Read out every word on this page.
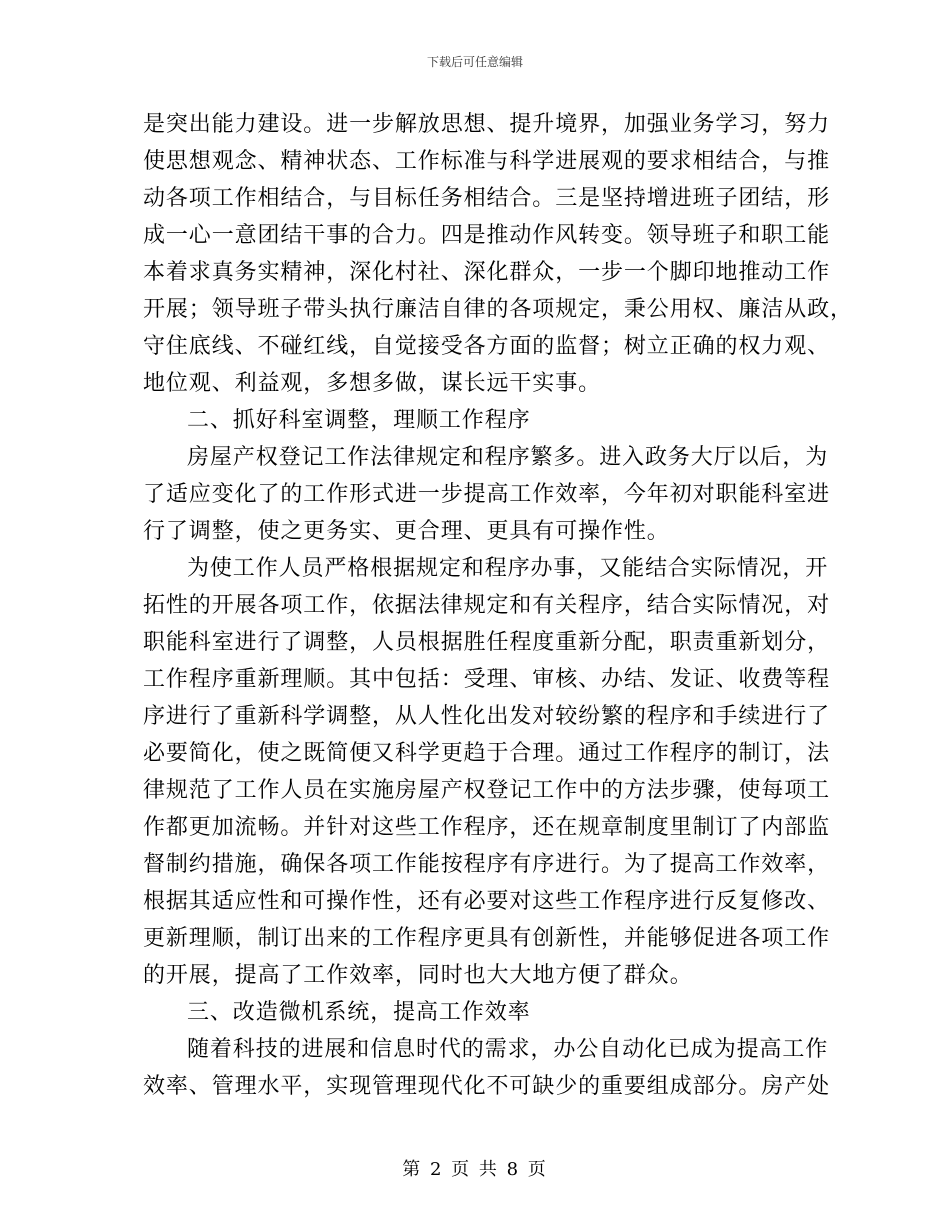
下载后可任意编辑
是突出能力建设。进一步解放思想、提升境界，加强业务学习，努力
使思想观念、精神状态、工作标准与科学进展观的要求相结合，与推
动各项工作相结合，与目标任务相结合。三是坚持增进班子团结，形
成一心一意团结干事的合力。四是推动作风转变。领导班子和职工能
本着求真务实精神，深化村社、深化群众，一步一个脚印地推动工作
开展；领导班子带头执行廉洁自律的各项规定，秉公用权、廉洁从政，
守住底线、不碰红线，自觉接受各方面的监督；树立正确的权力观、
地位观、利益观，多想多做，谋长远干实事。
二、抓好科室调整，理顺工作程序
房屋产权登记工作法律规定和程序繁多。进入政务大厅以后，为
了适应变化了的工作形式进一步提高工作效率，今年初对职能科室进
行了调整，使之更务实、更合理、更具有可操作性。
为使工作人员严格根据规定和程序办事，又能结合实际情况，开
拓性的开展各项工作，依据法律规定和有关程序，结合实际情况，对
职能科室进行了调整，人员根据胜任程度重新分配，职责重新划分，
工作程序重新理顺。其中包括：受理、审核、办结、发证、收费等程
序进行了重新科学调整，从人性化出发对较纷繁的程序和手续进行了
必要简化，使之既简便又科学更趋于合理。通过工作程序的制订，法
律规范了工作人员在实施房屋产权登记工作中的方法步骤，使每项工
作都更加流畅。并针对这些工作程序，还在规章制度里制订了内部监
督制约措施，确保各项工作能按程序有序进行。为了提高工作效率，
根据其适应性和可操作性，还有必要对这些工作程序进行反复修改、
更新理顺，制订出来的工作程序更具有创新性，并能够促进各项工作
的开展，提高了工作效率，同时也大大地方便了群众。
三、改造微机系统，提高工作效率
随着科技的进展和信息时代的需求，办公自动化已成为提高工作
效率、管理水平，实现管理现代化不可缺少的重要组成部分。房产处
第 2 页 共 8 页
